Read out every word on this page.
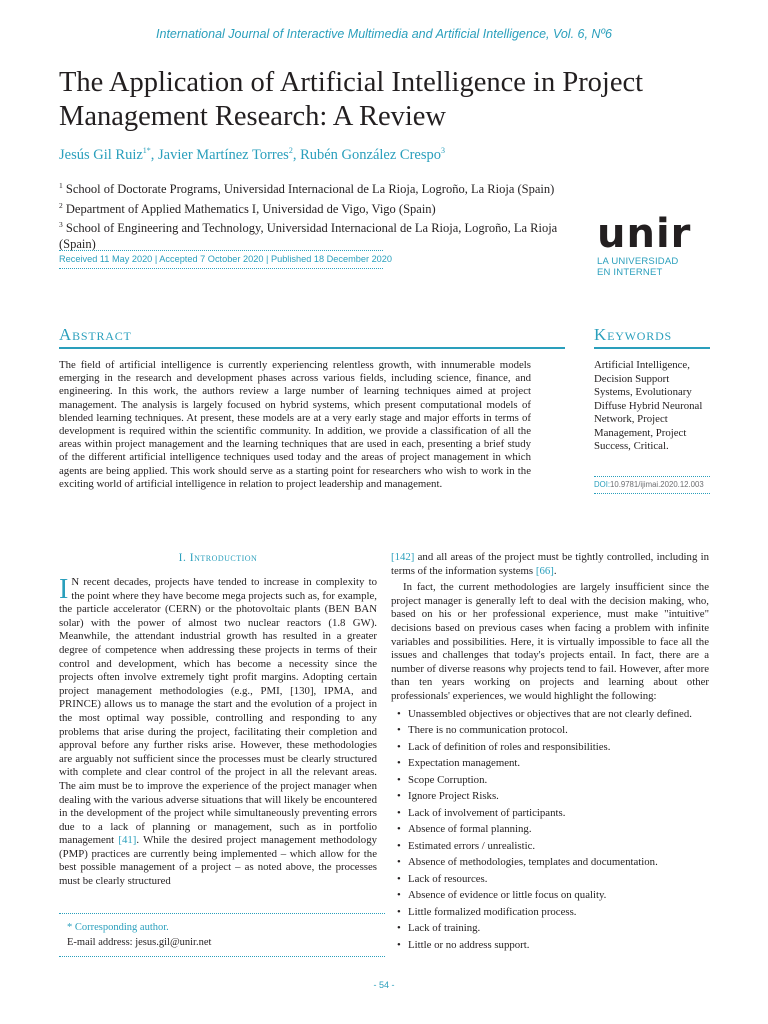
International Journal of Interactive Multimedia and Artificial Intelligence, Vol. 6, Nº6
The Application of Artificial Intelligence in Project Management Research: A Review
Jesús Gil Ruiz$^{1*}$, Javier Martínez Torres$^2$, Rubén González Crespo$^3$
$^1$ School of Doctorate Programs, Universidad Internacional de La Rioja, Logroño, La Rioja (Spain)
$^2$ Department of Applied Mathematics I, Universidad de Vigo, Vigo (Spain)
$^3$ School of Engineering and Technology, Universidad Internacional de La Rioja, Logroño, La Rioja (Spain)
Received 11 May 2020 | Accepted 7 October 2020 | Published 18 December 2020
unir
LA UNIVERSIDAD
EN INTERNET
Abstract	Keywords
The field of artificial intelligence is currently experiencing relentless growth, with innumerable models emerging in the research and development phases across various fields, including science, finance, and engineering. In this work, the authors review a large number of learning techniques aimed at project management. The analysis is largely focused on hybrid systems, which present computational models of blended learning techniques. At present, these models are at a very early stage and major efforts in terms of development is required within the scientific community. In addition, we provide a classification of all the areas within project management and the learning techniques that are used in each, presenting a brief study of the different artificial intelligence techniques used today and the areas of project management in which agents are being applied. This work should serve as a starting point for researchers who wish to work in the exciting world of artificial intelligence in relation to project leadership and management.
Artificial Intelligence, Decision Support Systems, Evolutionary Diffuse Hybrid Neuronal Network, Project Management, Project Success, Critical.
DOI:10.9781/ijimai.2020.12.003
I. Introduction
I N recent decades, projects have tended to increase in complexity to the point where they have become mega projects such as, for example, the particle accelerator (CERN) or the photovoltaic plants (BEN BAN solar) with the power of almost two nuclear reactors (1.8 GW). Meanwhile, the attendant industrial growth has resulted in a greater degree of competence when addressing these projects in terms of their control and development, which has become a necessity since the projects often involve extremely tight profit margins. Adopting certain project management methodologies (e.g., PMI, [130], IPMA, and PRINCE) allows us to manage the start and the evolution of a project in the most optimal way possible, controlling and responding to any problems that arise during the project, facilitating their completion and approval before any further risks arise. However, these methodologies are arguably not sufficient since the processes must be clearly structured with complete and clear control of the project in all the relevant areas. The aim must be to improve the experience of the project manager when dealing with the various adverse situations that will likely be encountered in the development of the project while simultaneously preventing errors due to a lack of planning or management, such as in portfolio management [41]. While the desired project management methodology (PMP) practices are currently being implemented – which allow for the best possible management of a project – as noted above, the processes must be clearly structured
* Corresponding author.
E-mail address: jesus.gil@unir.net

[142] and all areas of the project must be tightly controlled, including in terms of the information systems [66].

In fact, the current methodologies are largely insufficient since the project manager is generally left to deal with the decision making, who, based on his or her professional experience, must make "intuitive" decisions based on previous cases when facing a problem with infinite variables and possibilities. Here, it is virtually impossible to face all the issues and challenges that today's projects entail. In fact, there are a number of diverse reasons why projects tend to fail. However, after more than ten years working on projects and learning about other professionals' experiences, we would highlight the following:

• Unassembled objectives or objectives that are not clearly defined.
• There is no communication protocol.
• Lack of definition of roles and responsibilities.
• Expectation management.
• Scope Corruption.
• Ignore Project Risks.
• Lack of involvement of participants.
• Absence of formal planning.
• Estimated errors / unrealistic.
• Absence of methodologies, templates and documentation.
• Lack of resources.
• Absence of evidence or little focus on quality.
• Little formalized modification process.
• Lack of training.
• Little or no address support.
- 54 -
